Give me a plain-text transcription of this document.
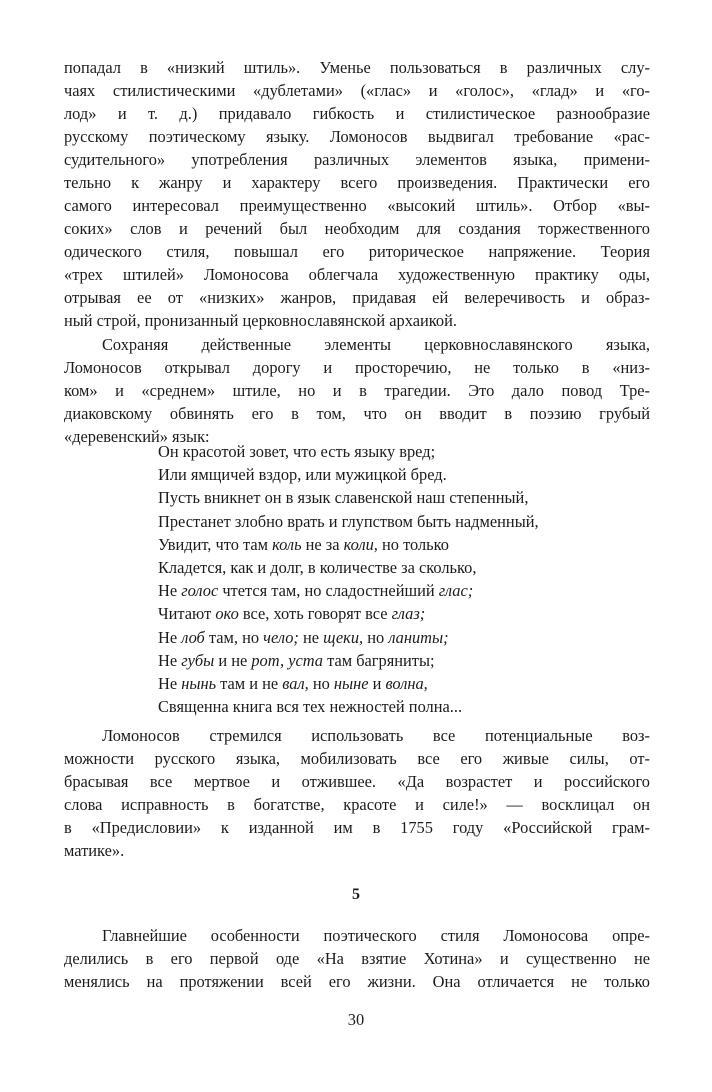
попадал в «низкий штиль». Уменье пользоваться в различных слу-
чаях стилистическими «дублетами» («глас» и «голос», «глад» и «го-
лод» и т. д.) придавало гибкость и стилистическое разнообразие
русскому поэтическому языку. Ломоносов выдвигал требование «рас-
судительного» употребления различных элементов языка, примени-
тельно к жанру и характеру всего произведения. Практически его
самого интересовал преимущественно «высокий штиль». Отбор «вы-
соких» слов и речений был необходим для создания торжественного
одического стиля, повышал его риторическое напряжение. Теория
«трех штилей» Ломоносова облегчала художественную практику оды,
отрывая ее от «низких» жанров, придавая ей велеречивость и образ-
ный строй, пронизанный церковнославянской архаикой.
Сохраняя действенные элементы церковнославянского языка,
Ломоносов открывал дорогу и просторечию, не только в «низ-
ком» и «среднем» штиле, но и в трагедии. Это дало повод Тре-
диаковскому обвинять его в том, что он вводит в поэзию грубый
«деревенский» язык:
Он красотой зовет, что есть языку вред;
Или ямщичей вздор, или мужицкой бред.
Пусть вникнет он в язык славенской наш степенный,
Престанет злобно врать и глупством быть надменный,
Увидит, что там коль не за коли, но только
Кладется, как и долг, в количестве за сколько,
Не голос чтется там, но сладостнейший глас;
Читают око все, хоть говорят все глаз;
Не лоб там, но чело; не щеки, но ланиты;
Не губы и не рот, уста там багряниты;
Не нынь там и не вал, но ныне и волна,
Священна книга вся тех нежностей полна...
Ломоносов стремился использовать все потенциальные воз-
можности русского языка, мобилизовать все его живые силы, от-
брасывая все мертвое и отжившее. «Да возрастет и российского
слова исправность в богатстве, красоте и силе!» — восклицал он
в «Предисловии» к изданной им в 1755 году «Российской грам-
матике».
5
Главнейшие особенности поэтического стиля Ломоносова опре-
делились в его первой оде «На взятие Хотина» и существенно не
менялись на протяжении всей его жизни. Она отличается не только
30
